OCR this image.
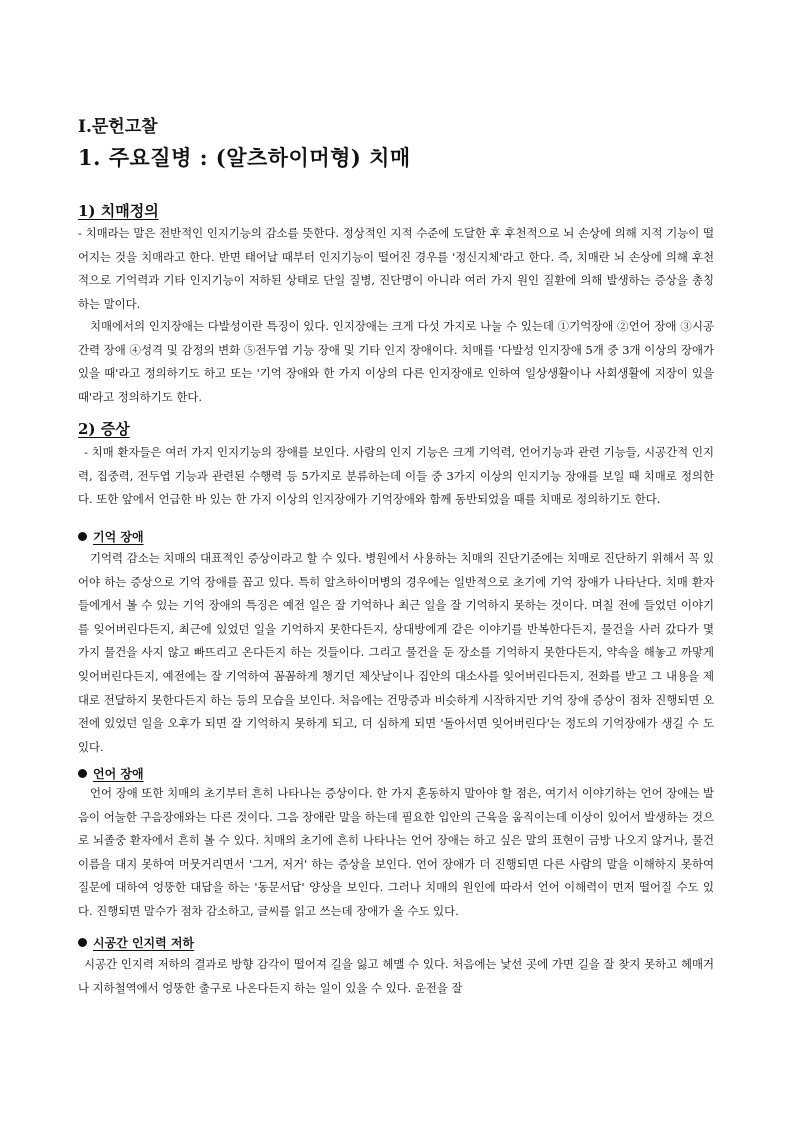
Ⅰ.문헌고찰
1. 주요질병 : (알츠하이머형) 치매
1) 치매정의

- 치매라는 말은 전반적인 인지기능의 감소를 뜻한다. 정상적인 지적 수준에 도달한 후 후천적으로 뇌 손상에 의해 지적 기능이 떨어지는 것을 치매라고 한다. 반면 태어날 때부터 인지기능이 떨어진 경우를 '정신지체'라고 한다. 즉, 치매란 뇌 손상에 의해 후천적으로 기억력과 기타 인지기능이 저하된 상태로 단일 질병, 진단명이 아니라 여러 가지 원인 질환에 의해 발생하는 증상을 총칭하는 말이다.

치매에서의 인지장애는 다발성이란 특징이 있다. 인지장애는 크게 다섯 가지로 나눌 수 있는데 ①기억장애 ②언어 장애 ③시공간력 장애 ④성격 및 감정의 변화 ⑤전두엽 기능 장애 및 기타 인지 장애이다. 치매를 '다발성 인지장애 5개 중 3개 이상의 장애가 있을 때'라고 정의하기도 하고 또는 '기억 장애와 한 가지 이상의 다른 인지장애로 인하여 일상생활이나 사회생활에 지장이 있을 때'라고 정의하기도 한다.

2) 증상

- 치매 환자들은 여러 가지 인지기능의 장애를 보인다. 사람의 인지 기능은 크게 기억력, 언어기능과 관련 기능들, 시공간적 인지력, 집중력, 전두엽 기능과 관련된 수행력 등 5가지로 분류하는데 이들 중 3가지 이상의 인지기능 장애를 보일 때 치매로 정의한다. 또한 앞에서 언급한 바 있는 한 가지 이상의 인지장애가 기억장애와 함께 동반되었을 때를 치매로 정의하기도 한다.

기억 장애

기억력 감소는 치매의 대표적인 증상이라고 할 수 있다. 병원에서 사용하는 치매의 진단기준에는 치매로 진단하기 위해서 꼭 있어야 하는 증상으로 기억 장애를 꼽고 있다. 특히 알츠하이머병의 경우에는 일반적으로 초기에 기억 장애가 나타난다. 치매 환자들에게서 볼 수 있는 기억 장애의 특징은 예전 일은 잘 기억하나 최근 일을 잘 기억하지 못하는 것이다. 며칠 전에 들었던 이야기를 잊어버린다든지, 최근에 있었던 일을 기억하지 못한다든지, 상대방에게 같은 이야기를 반복한다든지, 물건을 사러 갔다가 몇 가지 물건을 사지 않고 빠뜨리고 온다든지 하는 것들이다. 그리고 물건을 둔 장소를 기억하지 못한다든지, 약속을 해놓고 까맣게 잊어버린다든지, 예전에는 잘 기억하여 꼼꼼하게 챙기던 제삿날이나 집안의 대소사를 잊어버린다든지, 전화를 받고 그 내용을 제대로 전달하지 못한다든지 하는 등의 모습을 보인다. 처음에는 건망증과 비슷하게 시작하지만 기억 장애 증상이 점차 진행되면 오전에 있었던 일을 오후가 되면 잘 기억하지 못하게 되고, 더 심하게 되면 '돌아서면 잊어버린다'는 정도의 기억장애가 생길 수 도 있다.

언어 장애

언어 장애 또한 치매의 초기부터 흔히 나타나는 증상이다. 한 가지 혼동하지 말아야 할 점은, 여기서 이야기하는 언어 장애는 발음이 어눌한 구음장애와는 다른 것이다. 그음 장애란 말을 하는데 필요한 입안의 근육을 움직이는데 이상이 있어서 발생하는 것으로 뇌졸중 환자에서 흔히 볼 수 있다. 치매의 초기에 흔히 나타나는 언어 장애는 하고 싶은 말의 표현이 금방 나오지 않거나, 물건 이름을 대지 못하여 머뭇거리면서 '그거, 저거' 하는 증상을 보인다. 언어 장애가 더 진행되면 다른 사람의 말을 이해하지 못하여 질문에 대하여 엉뚱한 대답을 하는 '동문서답' 양상을 보인다. 그러나 치매의 원인에 따라서 언어 이해력이 먼저 떨어질 수도 있다. 진행되면 말수가 점차 감소하고, 글씨를 읽고 쓰는데 장애가 올 수도 있다.

시공간 인지력 저하

시공간 인지력 저하의 결과로 방향 감각이 떨어져 길을 잃고 헤맬 수 있다. 처음에는 낯선 곳에 가면 길을 잘 찾지 못하고 헤매거나 지하철역에서 엉뚱한 출구로 나온다든지 하는 일이 있을 수 있다. 운전을 잘
